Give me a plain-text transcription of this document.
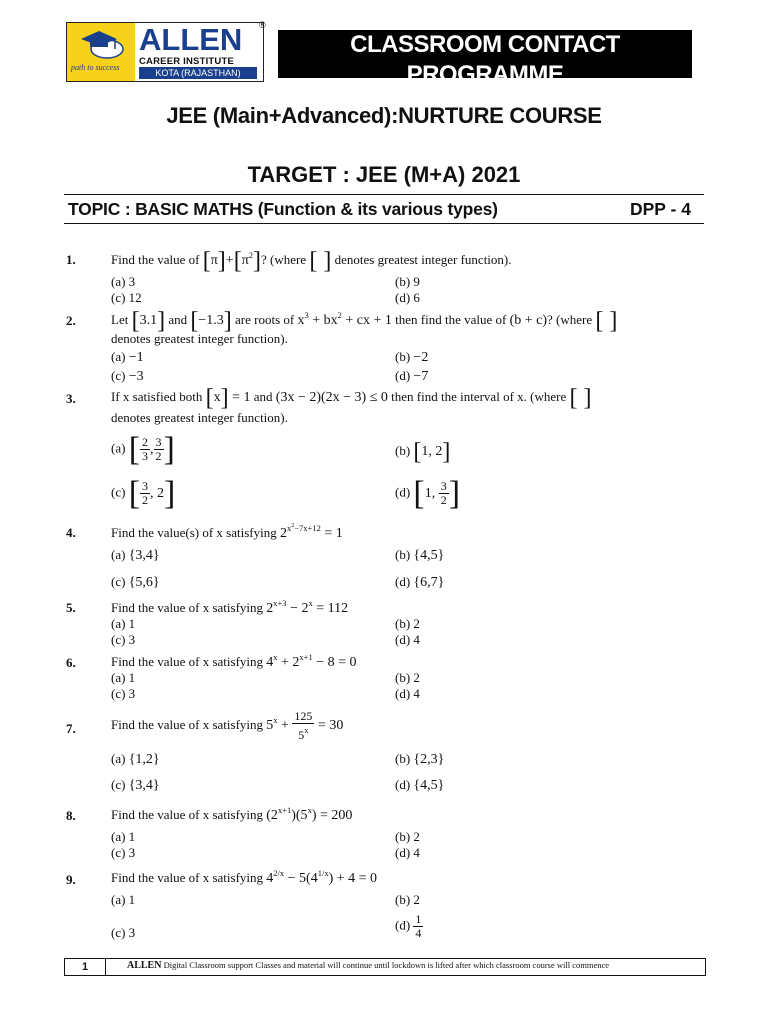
path to success
ALLEN
CAREER INSTITUTE
KOTA (RAJASTHAN)
®
CLASSROOM CONTACT PROGRAMME
(Academic Session : 2020 - 2021)
JEE (Main+Advanced):NURTURE COURSE
TARGET : JEE (M+A) 2021
TOPIC : BASIC MATHS (Function & its various types)	DPP - 4
1.	Find the value of $[\pi]+[\pi^2]$? (where [ ] denotes greatest integer function).
(a) 3	(b) 9
(c) 12	(d) 6
2.	Let [3.1] and [−1.3] are roots of $x^3 + bx^2$ + cx + 1 then find the value of (b + c)? (where [ ]
denotes greatest integer function).
(a) −1	(b) −2
(c) −3	(d) −7
3.	If x satisfied both [x] = 1 and (3x − 2)(2x − 3) ≤ 0 then find the interval of x. (where [ ]
denotes greatest integer function).
(a) [ $\frac{2}{3}$ , $\frac{3}{2}$ ]	(b) [1, 2]
(c) [ $\frac{3}{2}$ , 2]	(d) [1, $\frac{3}{2}$ ]
4.	Find the value(s) of x satisfying $2^{x^2-7x+12} = 1$
(a) {3,4}	(b) {4,5}
(c) {5,6}	(d) {6,7}
5.	Find the value of x satisfying $2^{x+3} - 2^x = 112$
(a) 1	(b) 2
(c) 3	(d) 4
6.	Find the value of x satisfying $4^x + 2^{x+1} - 8 = 0$
(a) 1	(b) 2
(c) 3	(d) 4
7.	Find the value of x satisfying $5^x + \frac{125}{5^x} = 30$
(a) {1,2}	(b) {2,3}
(c) {3,4}	(d) {4,5}
8.	Find the value of x satisfying $(2^{x+1})(5^x) = 200$
(a) 1	(b) 2
(c) 3	(d) 4
9.	Find the value of x satisfying $4^{2/x} - 5(4^{1/x}) + 4 = 0$
(a) 1	(b) 2
(c) 3	$(d) \frac{1}{4}$
1	ALLEN Digital Classroom support Classes and material will continue until lockdown is lifted after which classroom course will commence
